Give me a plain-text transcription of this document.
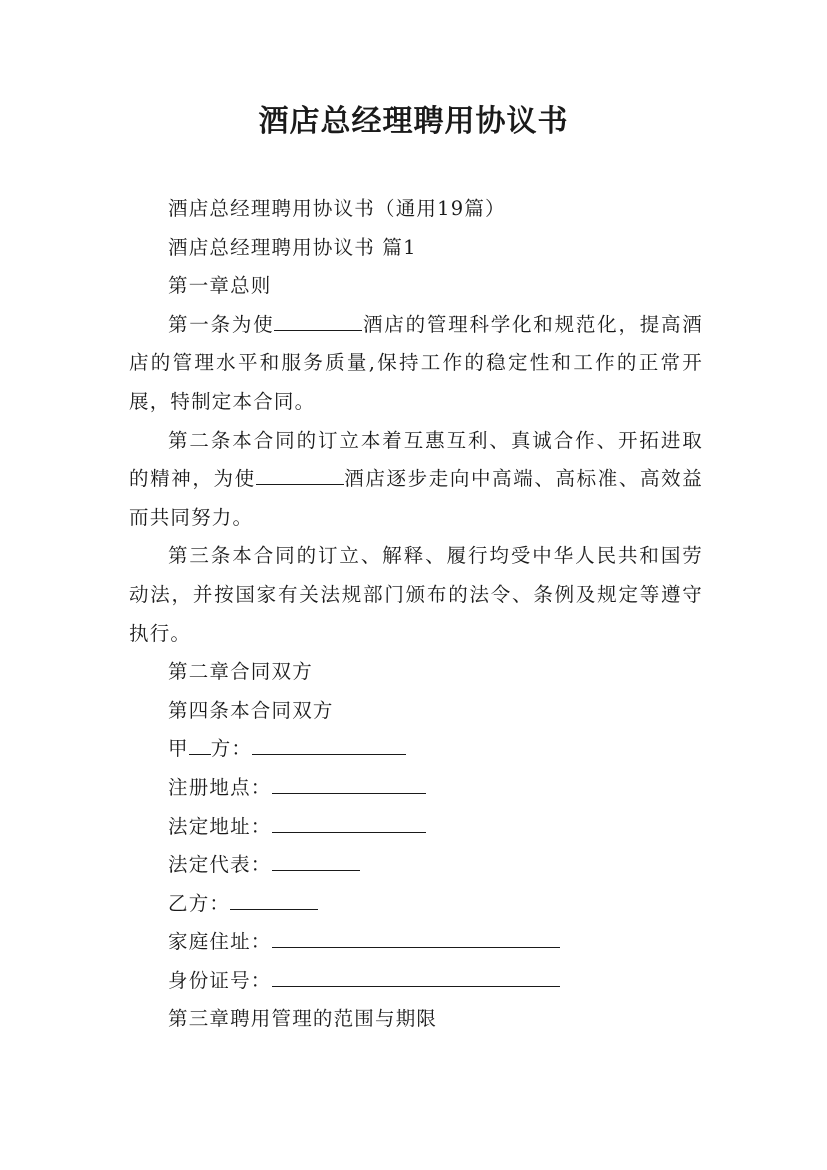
酒店总经理聘用协议书

酒店总经理聘用协议书（通用19篇）

酒店总经理聘用协议书 篇1

第一章总则

第一条为使	酒店的管理科学化和规范化，提高酒店的管理水平和服务质量,保持工作的稳定性和工作的正常开展，特制定本合同。

第二条本合同的订立本着互惠互利、真诚合作、开拓进取的精神，为使	酒店逐步走向中高端、高标准、高效益而共同努力。

第三条本合同的订立、解释、履行均受中华人民共和国劳动法，并按国家有关法规部门颁布的法令、条例及规定等遵守执行。

第二章合同双方

第四条本合同双方

甲 方：

注册地点：

法定地址：

法定代表：

乙方：

家庭住址：

身份证号：

第三章聘用管理的范围与期限
